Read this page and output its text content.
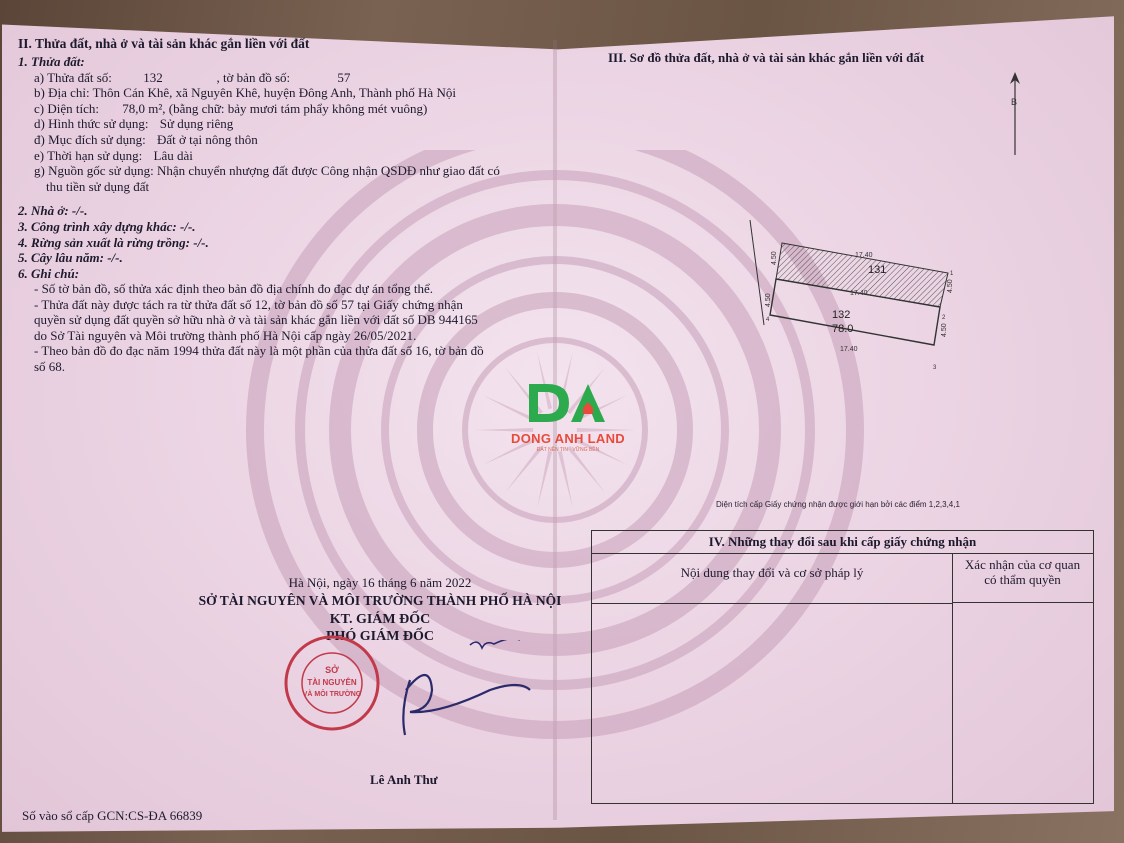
II. Thửa đất, nhà ở và tài sản khác gắn liền với đất
1. Thửa đất:
a) Thửa đất số: 132	, tờ bản đồ số:	57
b) Địa chỉ: Thôn Cán Khê, xã Nguyên Khê, huyện Đông Anh, Thành phố Hà Nội
c) Diện tích: 78,0 m², (bằng chữ: bảy mươi tám phẩy không mét vuông)
d) Hình thức sử dụng: Sử dụng riêng
đ) Mục đích sử dụng: Đất ở tại nông thôn
e) Thời hạn sử dụng: Lâu dài
g) Nguồn gốc sử dụng: Nhận chuyển nhượng đất được Công nhận QSDĐ như giao đất có
thu tiền sử dụng đất
2. Nhà ở: -/-.
3. Công trình xây dựng khác: -/-.
4. Rừng sản xuất là rừng trồng: -/-.
5. Cây lâu năm: -/-.
6. Ghi chú:
- Số tờ bản đồ, số thửa xác định theo bản đồ địa chính đo đạc dự án tổng thể.
- Thửa đất này được tách ra từ thửa đất số 12, tờ bản đồ số 57 tại Giấy chứng nhận
quyền sử dụng đất quyền sở hữu nhà ở và tài sản khác gắn liền với đất số DB 944165
do Sở Tài nguyên và Môi trường thành phố Hà Nội cấp ngày 26/05/2021.
- Theo bản đồ đo đạc năm 1994 thửa đất này là một phần của thửa đất số 16, tờ bản đồ
số 68.
DONG ANH LAND
ĐẤT NỀN TIN · VỮNG BỀN
Hà Nội, ngày 16 tháng 6 năm 2022
SỞ TÀI NGUYÊN VÀ MÔI TRƯỜNG THÀNH PHỐ HÀ NỘI
KT. GIÁM ĐỐC
PHÓ GIÁM ĐỐC
SỞ
TÀI NGUYÊN
VÀ MÔI TRƯỜNG
Lê Anh Thư
Số vào sổ cấp GCN:CS-ĐA 66839
III. Sơ đồ thửa đất, nhà ở và tài sản khác gắn liền với đất
B
17.40
131
17.40
132
78.0
17.40
4.50
4.50
4.50
4.50
4	2
1
3
Diện tích cấp Giấy chứng nhận được giới hạn bởi các điểm 1,2,3,4,1
IV. Những thay đổi sau khi cấp giấy chứng nhận
Nội dung thay đổi và cơ sở pháp lý
Xác nhận của cơ quan
có thẩm quyền
